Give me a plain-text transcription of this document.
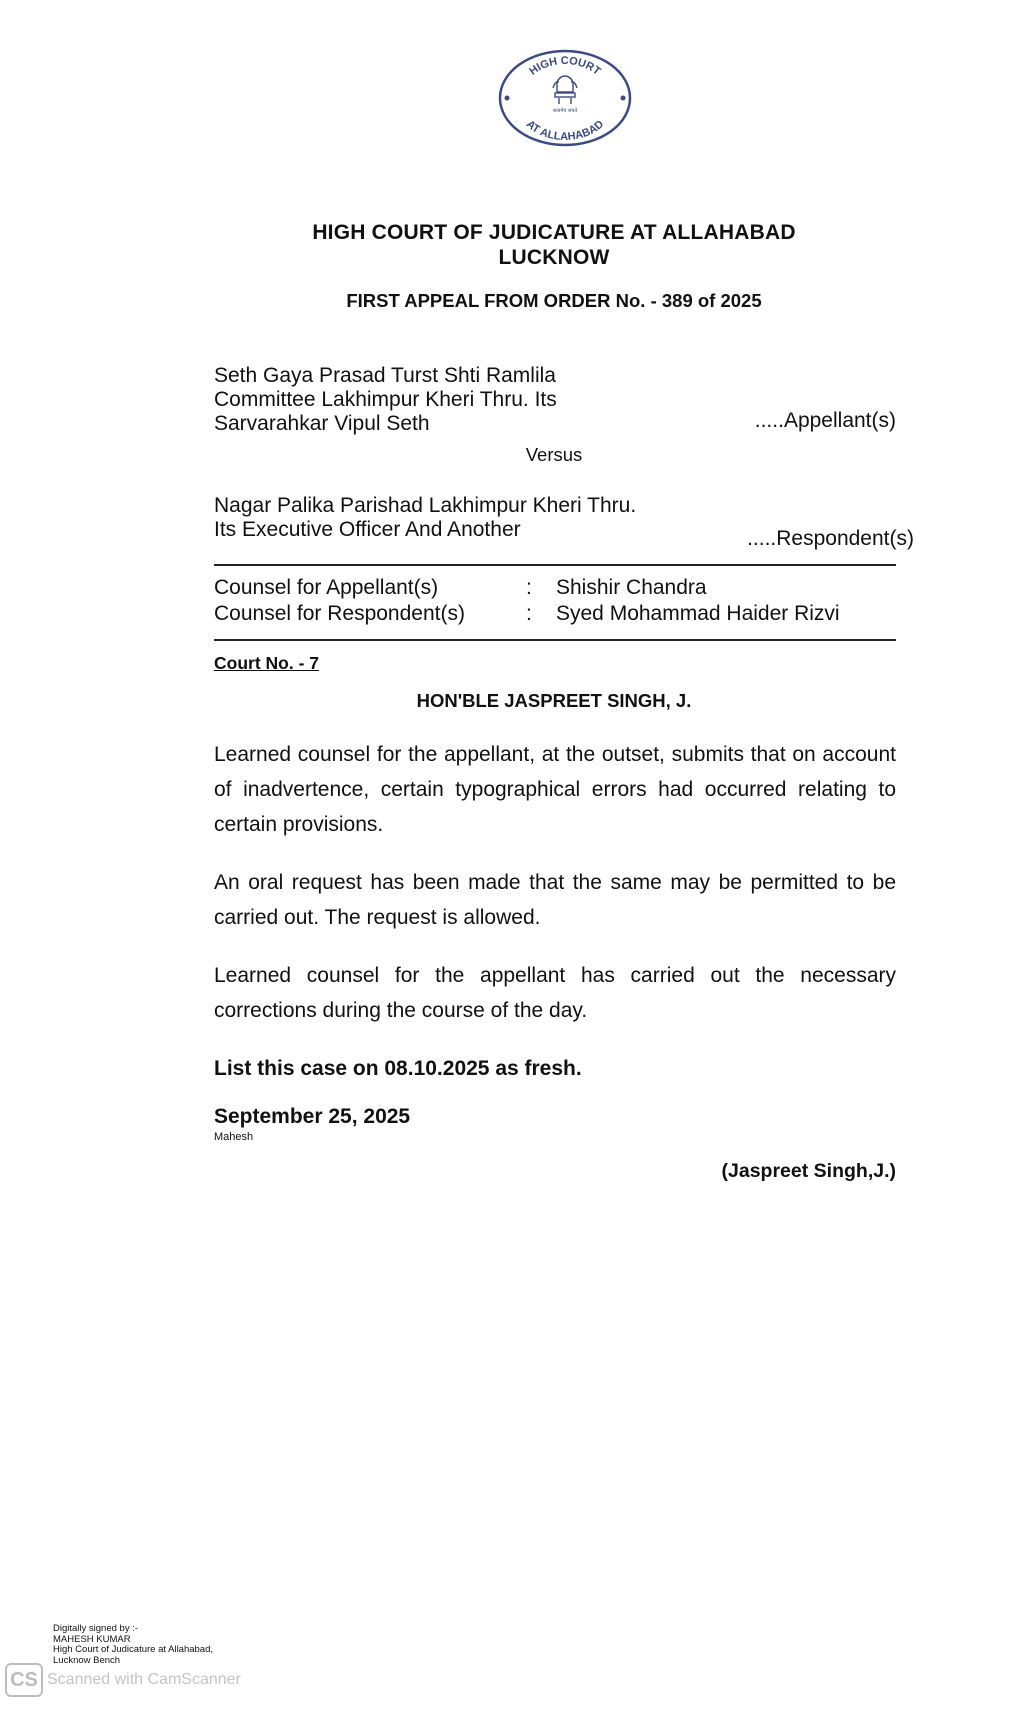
HIGH COURT
AT ALLAHABAD
सत्यमेव जयते
HIGH COURT OF JUDICATURE AT ALLAHABAD
LUCKNOW
FIRST APPEAL FROM ORDER No. - 389 of 2025
Seth Gaya Prasad Turst Shti Ramlila
Committee Lakhimpur Kheri Thru. Its
Sarvarahkar Vipul Seth	.....Appellant(s)
Versus
Nagar Palika Parishad Lakhimpur Kheri Thru.
Its Executive Officer And Another	.....Respondent(s)
Counsel for Appellant(s)	: Shishir Chandra
Counsel for Respondent(s)	: Syed Mohammad Haider Rizvi
Court No. - 7
HON'BLE JASPREET SINGH, J.
Learned counsel for the appellant, at the outset, submits that on account of inadvertence, certain typographical errors had occurred relating to certain provisions.
An oral request has been made that the same may be permitted to be carried out. The request is allowed.
Learned counsel for the appellant has carried out the necessary corrections during the course of the day.
List this case on 08.10.2025 as fresh.
September 25, 2025
Mahesh
(Jaspreet Singh,J.)
Digitally signed by :-
MAHESH KUMAR
High Court of Judicature at Allahabad,
Lucknow Bench
CS Scanned with CamScanner
